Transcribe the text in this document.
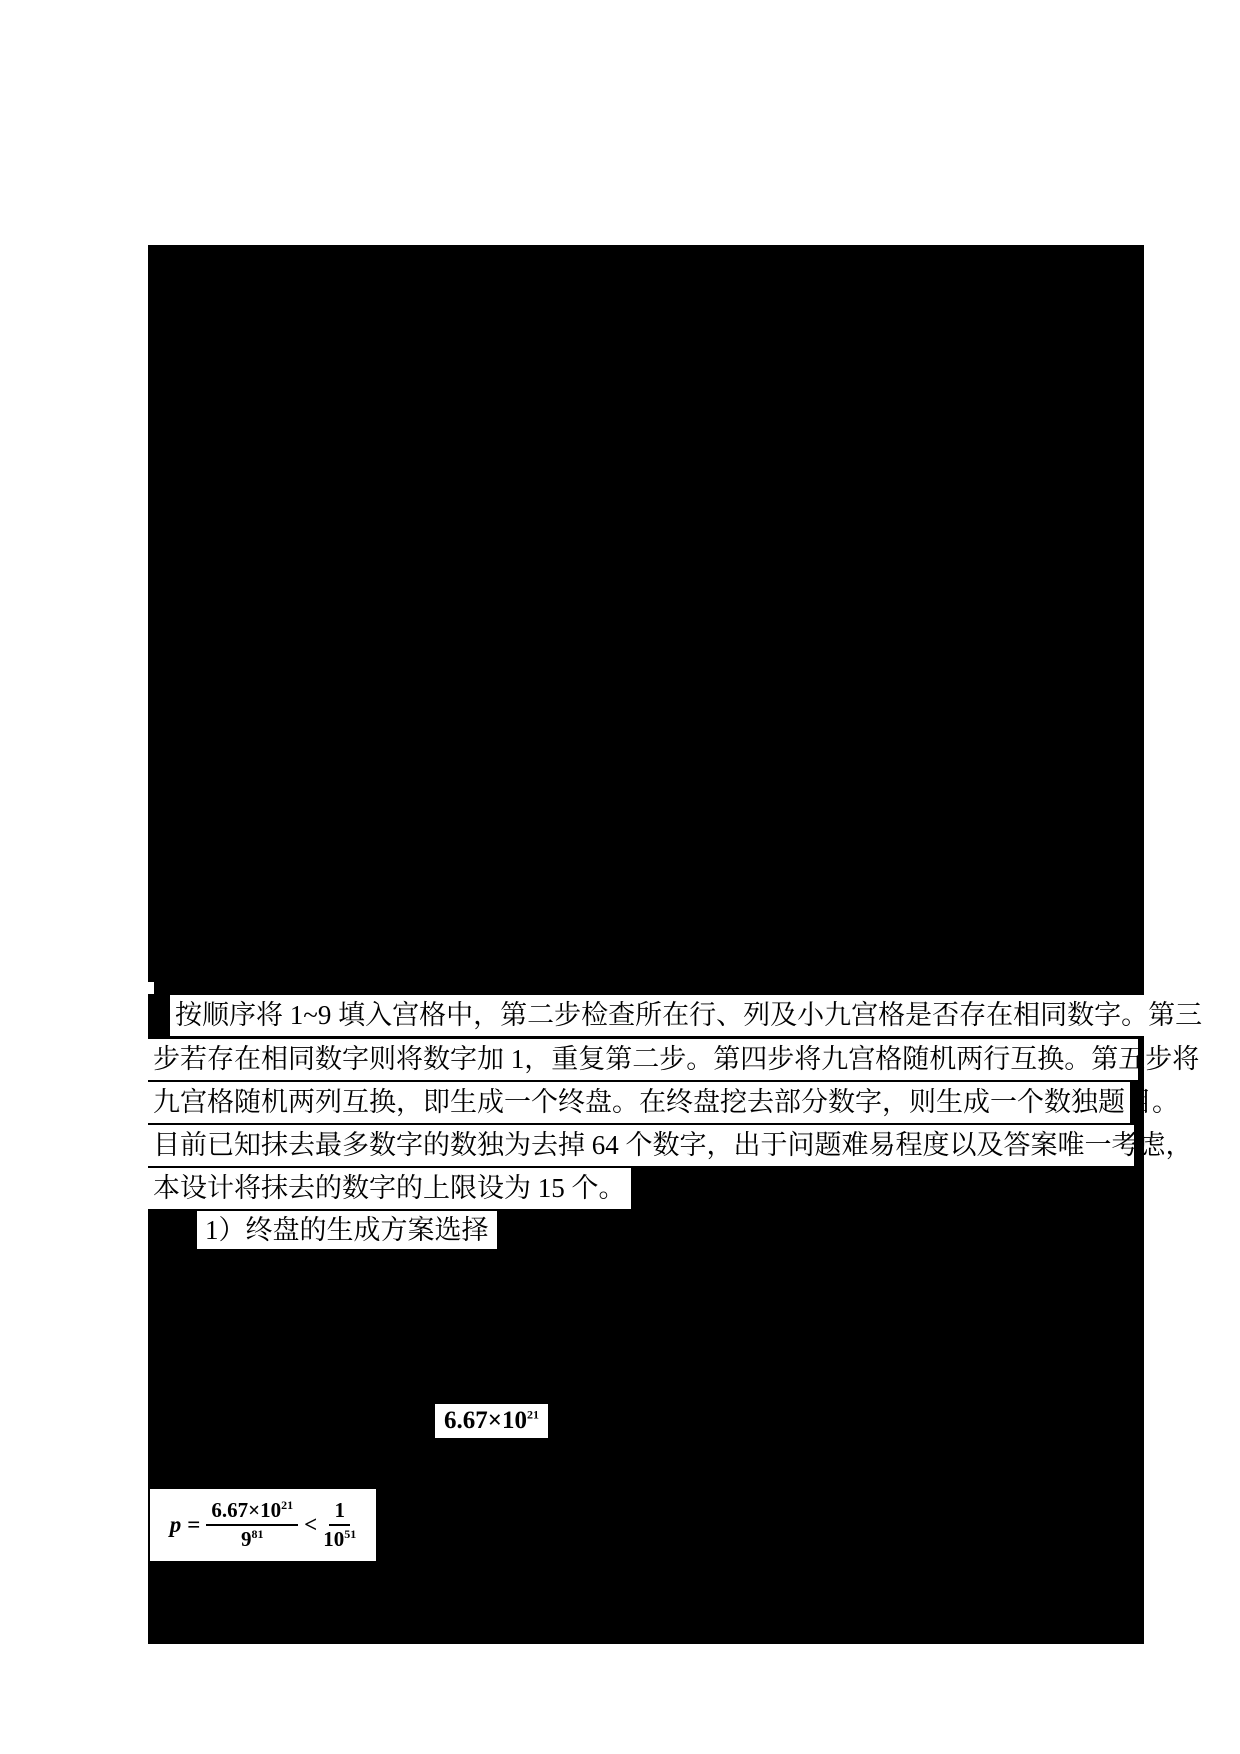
按顺序将 1~9 填入宫格中，第二步检查所在行、列及小九宫格是否存在相同数字。第三
步若存在相同数字则将数字加 1，重复第二步。第四步将九宫格随机两行互换。第五步将
九宫格随机两列互换，即生成一个终盘。在终盘挖去部分数字，则生成一个数独题目。
目前已知抹去最多数字的数独为去掉 64 个数字，出于问题难易程度以及答案唯一考虑，
本设计将抹去的数字的上限设为 15 个。
1）终盘的生成方案选择
$6.67\times 10^{21}$
$p = \frac{6.67\times 10^{21}}{9^{81}} < \frac{1}{10^{51}}$
